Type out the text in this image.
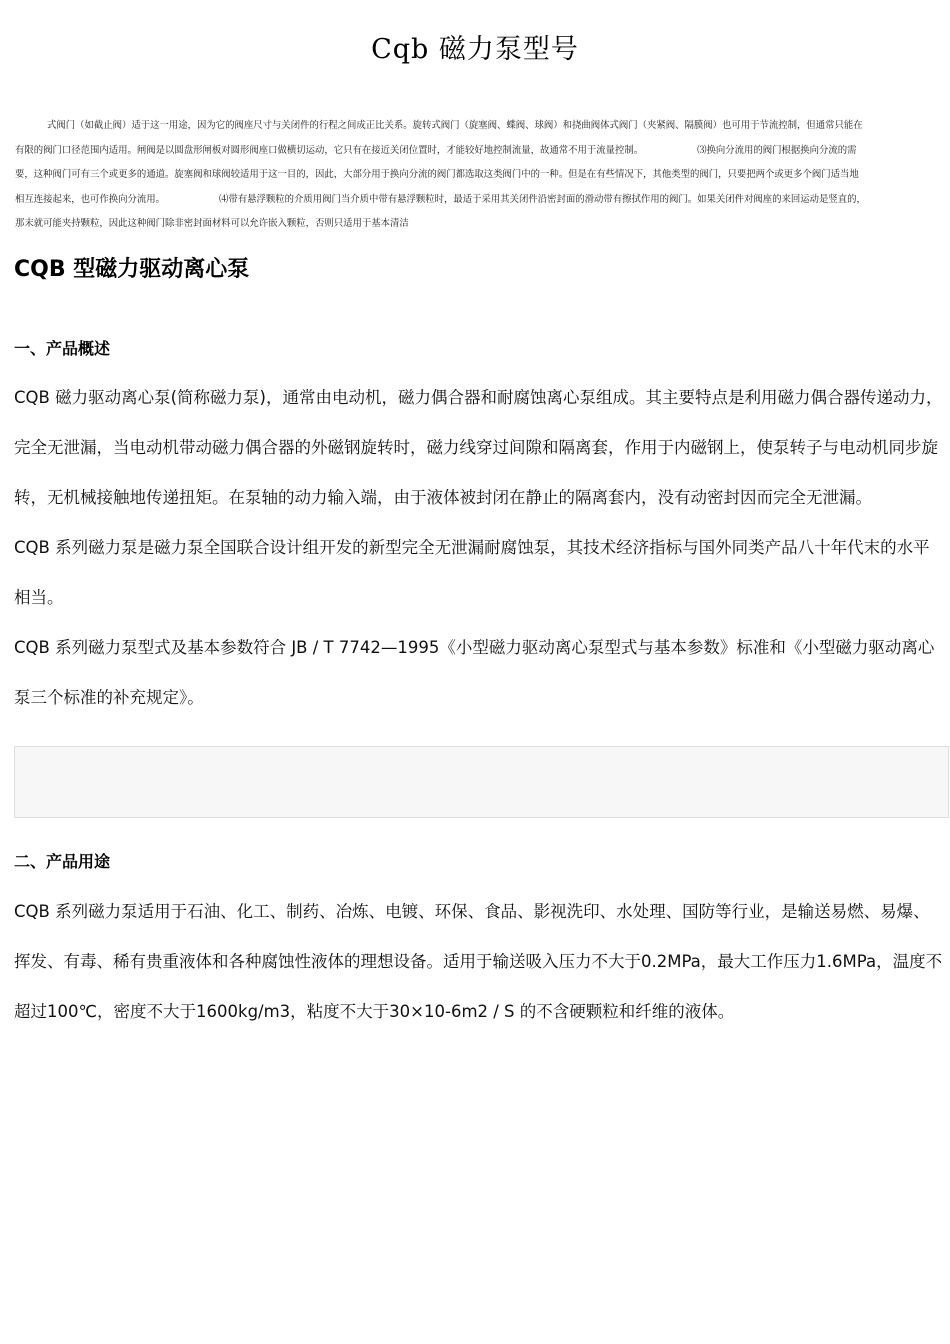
Cqb 磁力泵型号
式阀门（如截止阀）适于这一用途，因为它的阀座尺寸与关闭件的行程之间成正比关系。旋转式阀门（旋塞阀、蝶阀、球阀）和挠曲阀体式阀门（夹紧阀、隔膜阀）也可用于节流控制，但通常只能在
有限的阀门口径范围内适用。闸阀是以圆盘形闸板对圆形阀座口做横切运动，它只有在接近关闭位置时，才能较好地控制流量，故通常不用于流量控制。	⑶换向分流用的阀门根据换向分流的需
要，这种阀门可有三个或更多的通道。旋塞阀和球阀较适用于这一目的，因此，大部分用于换向分流的阀门都选取这类阀门中的一种。但是在有些情况下，其他类型的阀门，只要把两个或更多个阀门适当地
相互连接起来，也可作换向分流用。	⑷带有悬浮颗粒的介质用阀门当介质中带有悬浮颗粒时，最适于采用其关闭件沿密封面的滑动带有擦拭作用的阀门。如果关闭件对阀座的来回运动是竖直的，
那末就可能夹持颗粒，因此这种阀门除非密封面材料可以允许嵌入颗粒，否则只适用于基本清洁
CQB 型磁力驱动离心泵
一、产品概述
CQB 磁力驱动离心泵(简称磁力泵)，通常由电动机，磁力偶合器和耐腐蚀离心泵组成。其主要特点是利用磁力偶合器传递动力，
完全无泄漏，当电动机带动磁力偶合器的外磁钢旋转时，磁力线穿过间隙和隔离套，作用于内磁钢上，使泵转子与电动机同步旋
转，无机械接触地传递扭矩。在泵轴的动力输入端，由于液体被封闭在静止的隔离套内，没有动密封因而完全无泄漏。
CQB 系列磁力泵是磁力泵全国联合设计组开发的新型完全无泄漏耐腐蚀泵，其技术经济指标与国外同类产品八十年代末的水平
相当。
CQB 系列磁力泵型式及基本参数符合 JB / T 7742—1995《小型磁力驱动离心泵型式与基本参数》标准和《小型磁力驱动离心
泵三个标准的补充规定》。
二、产品用途
CQB 系列磁力泵适用于石油、化工、制药、冶炼、电镀、环保、食品、影视洗印、水处理、国防等行业，是输送易燃、易爆、
挥发、有毒、稀有贵重液体和各种腐蚀性液体的理想设备。适用于输送吸入压力不大于0.2MPa，最大工作压力1.6MPa，温度不
超过100℃，密度不大于1600kg/m3，粘度不大于30×10-6m2 / S 的不含硬颗粒和纤维的液体。
